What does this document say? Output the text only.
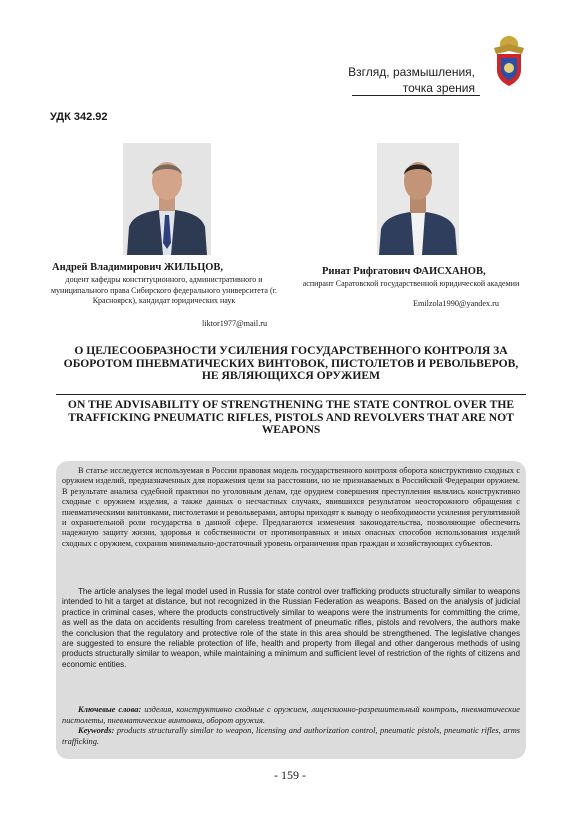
Взгляд, размышления,
точка зрения
УДК 342.92
Андрей Владимирович ЖИЛЬЦОВ,
доцент кафедры конституционного, административного и муниципального права Сибирского федерального университета (г. Красноярск), кандидат юридических наук
liktor1977@mail.ru
Ринат Рифгатович ФАИСХАНОВ,
аспирант Саратовской государственной юридической академии
Emilzola1990@yandex.ru
О ЦЕЛЕСООБРАЗНОСТИ УСИЛЕНИЯ ГОСУДАРСТВЕННОГО КОНТРОЛЯ ЗА ОБОРОТОМ ПНЕВМАТИЧЕСКИХ ВИНТОВОК, ПИСТОЛЕТОВ И РЕВОЛЬВЕРОВ, НЕ ЯВЛЯЮЩИХСЯ ОРУЖИЕМ
ON THE ADVISABILITY OF STRENGTHENING THE STATE CONTROL OVER THE TRAFFICKING PNEUMATIC RIFLES, PISTOLS AND REVOLVERS THAT ARE NOT WEAPONS
В статье исследуется используемая в России правовая модель государственного контроля оборота конструктивно сходных с оружием изделий, предназначенных для поражения цели на расстоянии, но не признаваемых в Российской Федерации оружием. В результате анализа судебной практики по уголовным делам, где орудием совершения преступления являлись конструктивно сходные с оружием изделия, а также данных о несчастных случаях, явившихся результатом неосторожного обращения с пневматическими винтовками, пистолетами и револьверами, авторы приходят к выводу о необходимости усиления регулятивной и охранительной роли государства в данной сфере. Предлагаются изменения законодательства, позволяющие обеспечить надежную защиту жизни, здоровья и собственности от противоправных и иных опасных способов использования изделий сходных с оружием, сохранив минимально-достаточный уровень ограничения прав граждан и хозяйствующих субъектов.
The article analyses the legal model used in Russia for state control over trafficking products structurally similar to weapons intended to hit a target at distance, but not recognized in the Russian Federation as weapons. Based on the analysis of judicial practice in criminal cases, where the products constructively similar to weapons were the instruments for committing the crime, as well as the data on accidents resulting from careless treatment of pneumatic rifles, pistols and revolvers, the authors make the conclusion that the regulatory and protective role of the state in this area should be strengthened. The legislative changes are suggested to ensure the reliable protection of life, health and property from illegal and other dangerous methods of using products structurally similar to weapon, while maintaining a minimum and sufficient level of restriction of the rights of citizens and economic entities.
Ключевые слова: изделия, конструктивно сходные с оружием, лицензионно-разрешительный контроль, пневматические пистолеты, пневматические винтовки, оборот оружия.
Keywords: products structurally similar to weapon, licensing and authorization control, pneumatic pistols, pneumatic rifles, arms trafficking.
- 159 -
